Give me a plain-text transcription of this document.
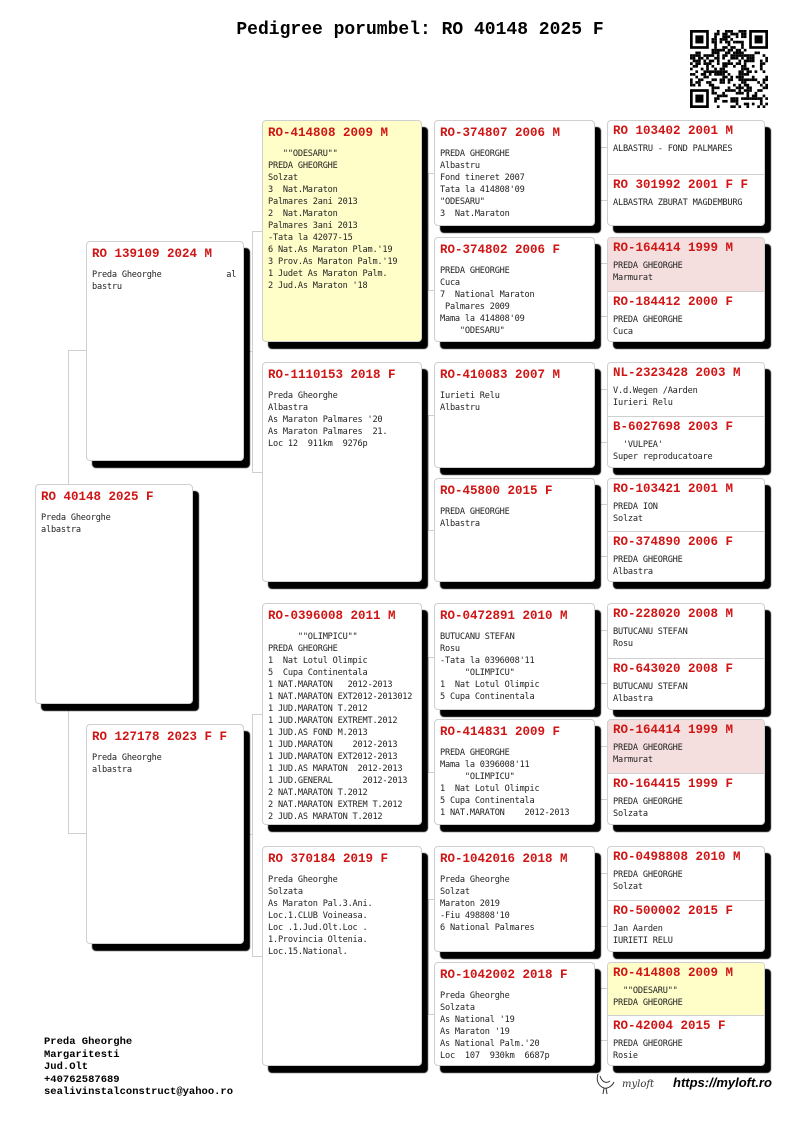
Pedigree porumbel: RO 40148 2025 F
RO 40148 2025 F
Preda Gheorghe
albastra
RO 139109 2024 M
Preda Gheorghe             al
bastru
RO 127178 2023 F F
Preda Gheorghe
albastra
RO-414808 2009 M
""ODESARU""
PREDA GHEORGHE
Solzat
3  Nat.Maraton
Palmares 2ani 2013
2  Nat.Maraton
Palmares 3ani 2013
-Tata la 42077-15
6 Nat.As Maraton Plam.'19
3 Prov.As Maraton Palm.'19
1 Judet As Maraton Palm.
2 Jud.As Maraton '18
RO-1110153 2018 F
Preda Gheorghe
Albastra
As Maraton Palmares '20
As Maraton Palmares  21.
Loc 12  911km  9276p
RO-0396008 2011 M
""OLIMPICU""
PREDA GHEORGHE
1  Nat Lotul Olimpic
5  Cupa Continentala
1 NAT.MARATON   2012-2013
1 NAT.MARATON EXT2012-2013012
1 JUD.MARATON T.2012
1 JUD.MARATON EXTREMT.2012
1 JUD.AS FOND M.2013
1 JUD.MARATON    2012-2013
1 JUD.MARATON EXT2012-2013
1 JUD.AS MARATON  2012-2013
1 JUD.GENERAL      2012-2013
2 NAT.MARATON T.2012
2 NAT.MARATON EXTREM T.2012
2 JUD.AS MARATON T.2012
RO 370184 2019 F
Preda Gheorghe
Solzata
As Maraton Pal.3.Ani.
Loc.1.CLUB Voineasa.
Loc .1.Jud.Olt.Loc .
1.Provincia Oltenia.
Loc.15.National.
RO-374807 2006 M
PREDA GHEORGHE
Albastru
Fond tineret 2007
Tata la 414808'09
"ODESARU"
3  Nat.Maraton
RO-374802 2006 F
PREDA GHEORGHE
Cuca
7  National Maraton
Palmares 2009
Mama la 414808'09
"ODESARU"
RO-410083 2007 M
Iurieti Relu
Albastru
RO-45800 2015 F
PREDA GHEORGHE
Albastra
RO-0472891 2010 M
BUTUCANU STEFAN
Rosu
-Tata la 0396008'11
"OLIMPICU"
1  Nat Lotul Olimpic
5 Cupa Continentala
RO-414831 2009 F
PREDA GHEORGHE
Mama la 0396008'11
"OLIMPICU"
1  Nat Lotul Olimpic
5 Cupa Continentala
1 NAT.MARATON    2012-2013
RO-1042016 2018 M
Preda Gheorghe
Solzat
Maraton 2019
-Fiu 498808'10
6 National Palmares
RO-1042002 2018 F
Preda Gheorghe
Solzata
As National '19
As Maraton '19
As National Palm.'20
Loc  107  930km  6687p
RO 103402 2001 M
ALBASTRU - FOND PALMARES
RO 301992 2001 F F
ALBASTRA ZBURAT MAGDEMBURG
RO-164414 1999 M
PREDA GHEORGHE
Marmurat
RO-184412 2000 F
PREDA GHEORGHE
Cuca
NL-2323428 2003 M
V.d.Wegen /Aarden
Iurieri Relu
B-6027698 2003 F
'VULPEA'
Super reproducatoare
RO-103421 2001 M
PREDA ION
Solzat
RO-374890 2006 F
PREDA GHEORGHE
Albastra
RO-228020 2008 M
BUTUCANU STEFAN
Rosu
RO-643020 2008 F
BUTUCANU STEFAN
Albastra
RO-164414 1999 M
PREDA GHEORGHE
Marmurat
RO-164415 1999 F
PREDA GHEORGHE
Solzata
RO-0498808 2010 M
PREDA GHEORGHE
Solzat
RO-500002 2015 F
Jan Aarden
IURIETI RELU
RO-414808 2009 M
""ODESARU""
PREDA GHEORGHE
RO-42004 2015 F
PREDA GHEORGHE
Rosie
Preda Gheorghe
Margaritesti
Jud.Olt
+40762587689
sealivinstalconstruct@yahoo.ro
myloft https://myloft.ro
